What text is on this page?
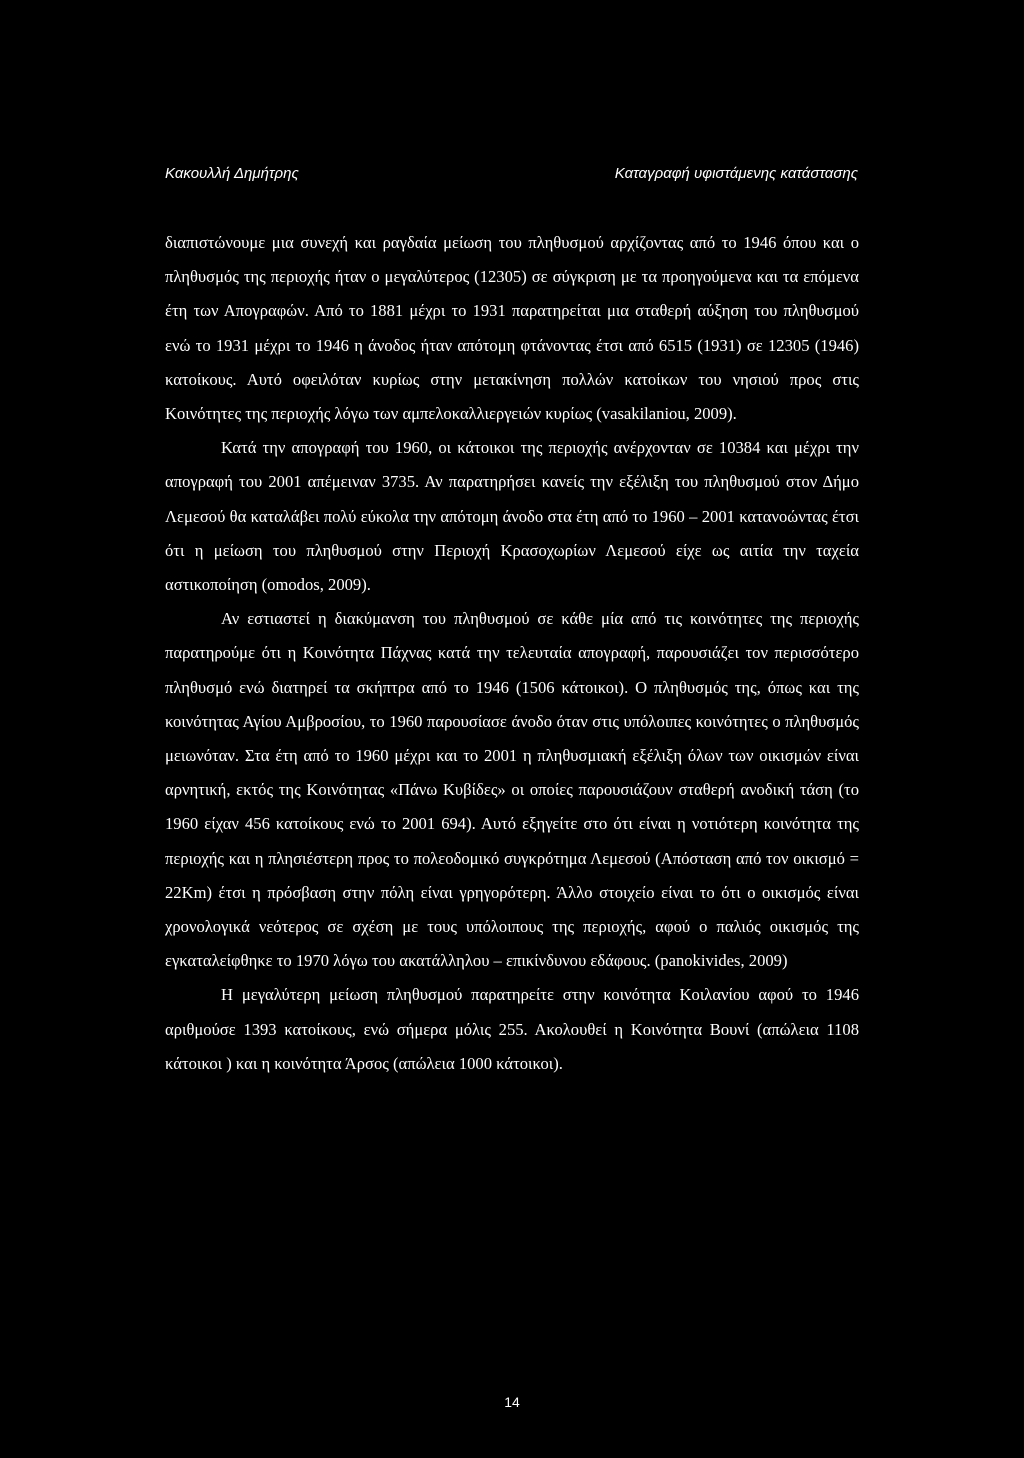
Κακουλλή Δημήτρης	Καταγραφή υφιστάμενης κατάστασης

διαπιστώνουμε μια συνεχή και ραγδαία μείωση του πληθυσμού αρχίζοντας από το 1946 όπου και ο πληθυσμός της περιοχής ήταν ο μεγαλύτερος (12305) σε σύγκριση με τα προηγούμενα και τα επόμενα έτη των Απογραφών. Από το 1881 μέχρι το 1931 παρατηρείται μια σταθερή αύξηση του πληθυσμού ενώ το 1931 μέχρι το 1946 η άνοδος ήταν απότομη φτάνοντας έτσι από 6515 (1931) σε 12305 (1946) κατοίκους. Αυτό οφειλόταν κυρίως στην μετακίνηση πολλών κατοίκων του νησιού προς στις Κοινότητες της περιοχής λόγω των αμπελοκαλλιεργειών κυρίως (vasakilaniou, 2009).

Κατά την απογραφή του 1960, οι κάτοικοι της περιοχής ανέρχονταν σε 10384 και μέχρι την απογραφή του 2001 απέμειναν 3735. Αν παρατηρήσει κανείς την εξέλιξη του πληθυσμού στον Δήμο Λεμεσού θα καταλάβει πολύ εύκολα την απότομη άνοδο στα έτη από το 1960 – 2001 κατανοώντας έτσι ότι η μείωση του πληθυσμού στην Περιοχή Κρασοχωρίων Λεμεσού είχε ως αιτία την ταχεία αστικοποίηση (omodos, 2009).

Αν εστιαστεί η διακύμανση του πληθυσμού σε κάθε μία από τις κοινότητες της περιοχής παρατηρούμε ότι η Κοινότητα Πάχνας κατά την τελευταία απογραφή, παρουσιάζει τον περισσότερο πληθυσμό ενώ διατηρεί τα σκήπτρα από το 1946 (1506 κάτοικοι). Ο πληθυσμός της, όπως και της κοινότητας Αγίου Αμβροσίου, το 1960 παρουσίασε άνοδο όταν στις υπόλοιπες κοινότητες ο πληθυσμός μειωνόταν. Στα έτη από το 1960 μέχρι και το 2001 η πληθυσμιακή εξέλιξη όλων των οικισμών είναι αρνητική, εκτός της Κοινότητας «Πάνω Κυβίδες» οι οποίες παρουσιάζουν σταθερή ανοδική τάση (το 1960 είχαν 456 κατοίκους ενώ το 2001 694). Αυτό εξηγείτε στο ότι είναι η νοτιότερη κοινότητα της περιοχής και η πλησιέστερη προς το πολεοδομικό συγκρότημα Λεμεσού (Απόσταση από τον οικισμό = 22Km) έτσι η πρόσβαση στην πόλη είναι γρηγορότερη. Άλλο στοιχείο είναι το ότι ο οικισμός είναι χρονολογικά νεότερος σε σχέση με τους υπόλοιπους της περιοχής, αφού ο παλιός οικισμός της εγκαταλείφθηκε το 1970 λόγω του ακατάλληλου – επικίνδυνου εδάφους. (panokivides, 2009)

Η μεγαλύτερη μείωση πληθυσμού παρατηρείτε στην κοινότητα Κοιλανίου αφού το 1946 αριθμούσε 1393 κατοίκους, ενώ σήμερα μόλις 255. Ακολουθεί η Κοινότητα Βουνί (απώλεια 1108 κάτοικοι ) και η κοινότητα Άρσος (απώλεια 1000 κάτοικοι).

14
